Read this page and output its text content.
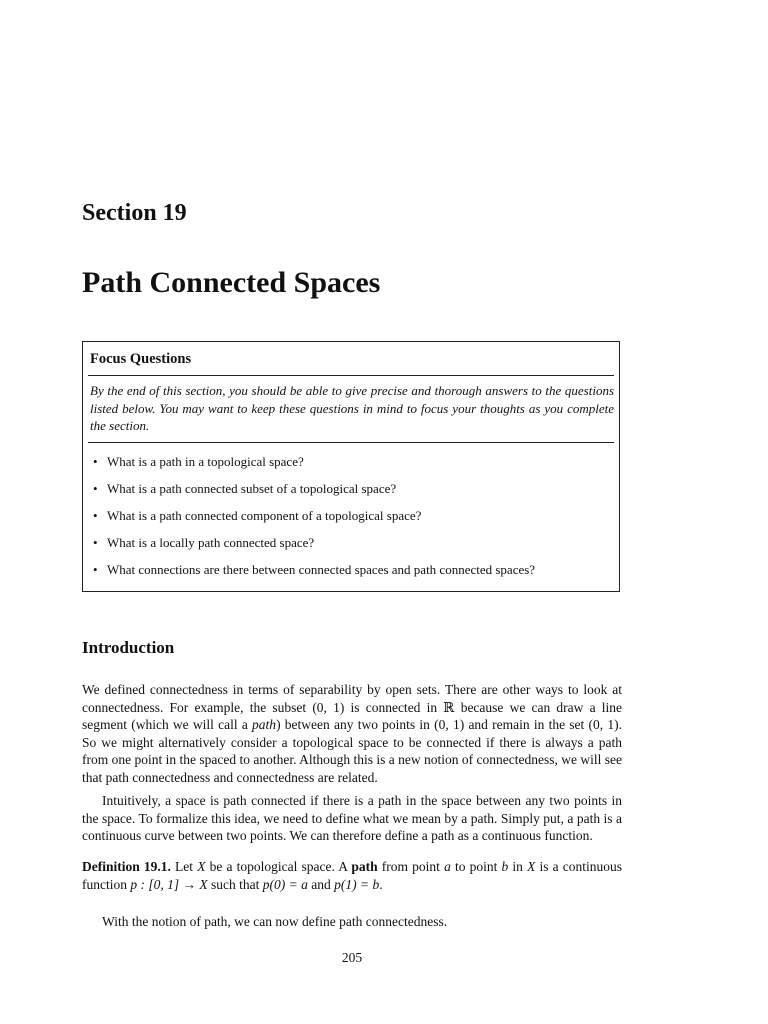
Section 19
Path Connected Spaces
Focus Questions

By the end of this section, you should be able to give precise and thorough answers to the questions listed below. You may want to keep these questions in mind to focus your thoughts as you complete the section.

• What is a path in a topological space?
• What is a path connected subset of a topological space?
• What is a path connected component of a topological space?
• What is a locally path connected space?
• What connections are there between connected spaces and path connected spaces?
Introduction

We defined connectedness in terms of separability by open sets. There are other ways to look at connectedness. For example, the subset (0, 1) is connected in ℝ because we can draw a line segment (which we will call a path) between any two points in (0, 1) and remain in the set (0, 1). So we might alternatively consider a topological space to be connected if there is always a path from one point in the spaced to another. Although this is a new notion of connectedness, we will see that path connectedness and connectedness are related.

Intuitively, a space is path connected if there is a path in the space between any two points in the space. To formalize this idea, we need to define what we mean by a path. Simply put, a path is a continuous curve between two points. We can therefore define a path as a continuous function.

Definition 19.1. Let X be a topological space. A path from point a to point b in X is a continuous function p : [0, 1] → X such that p(0) = a and p(1) = b.

With the notion of path, we can now define path connectedness.

205
